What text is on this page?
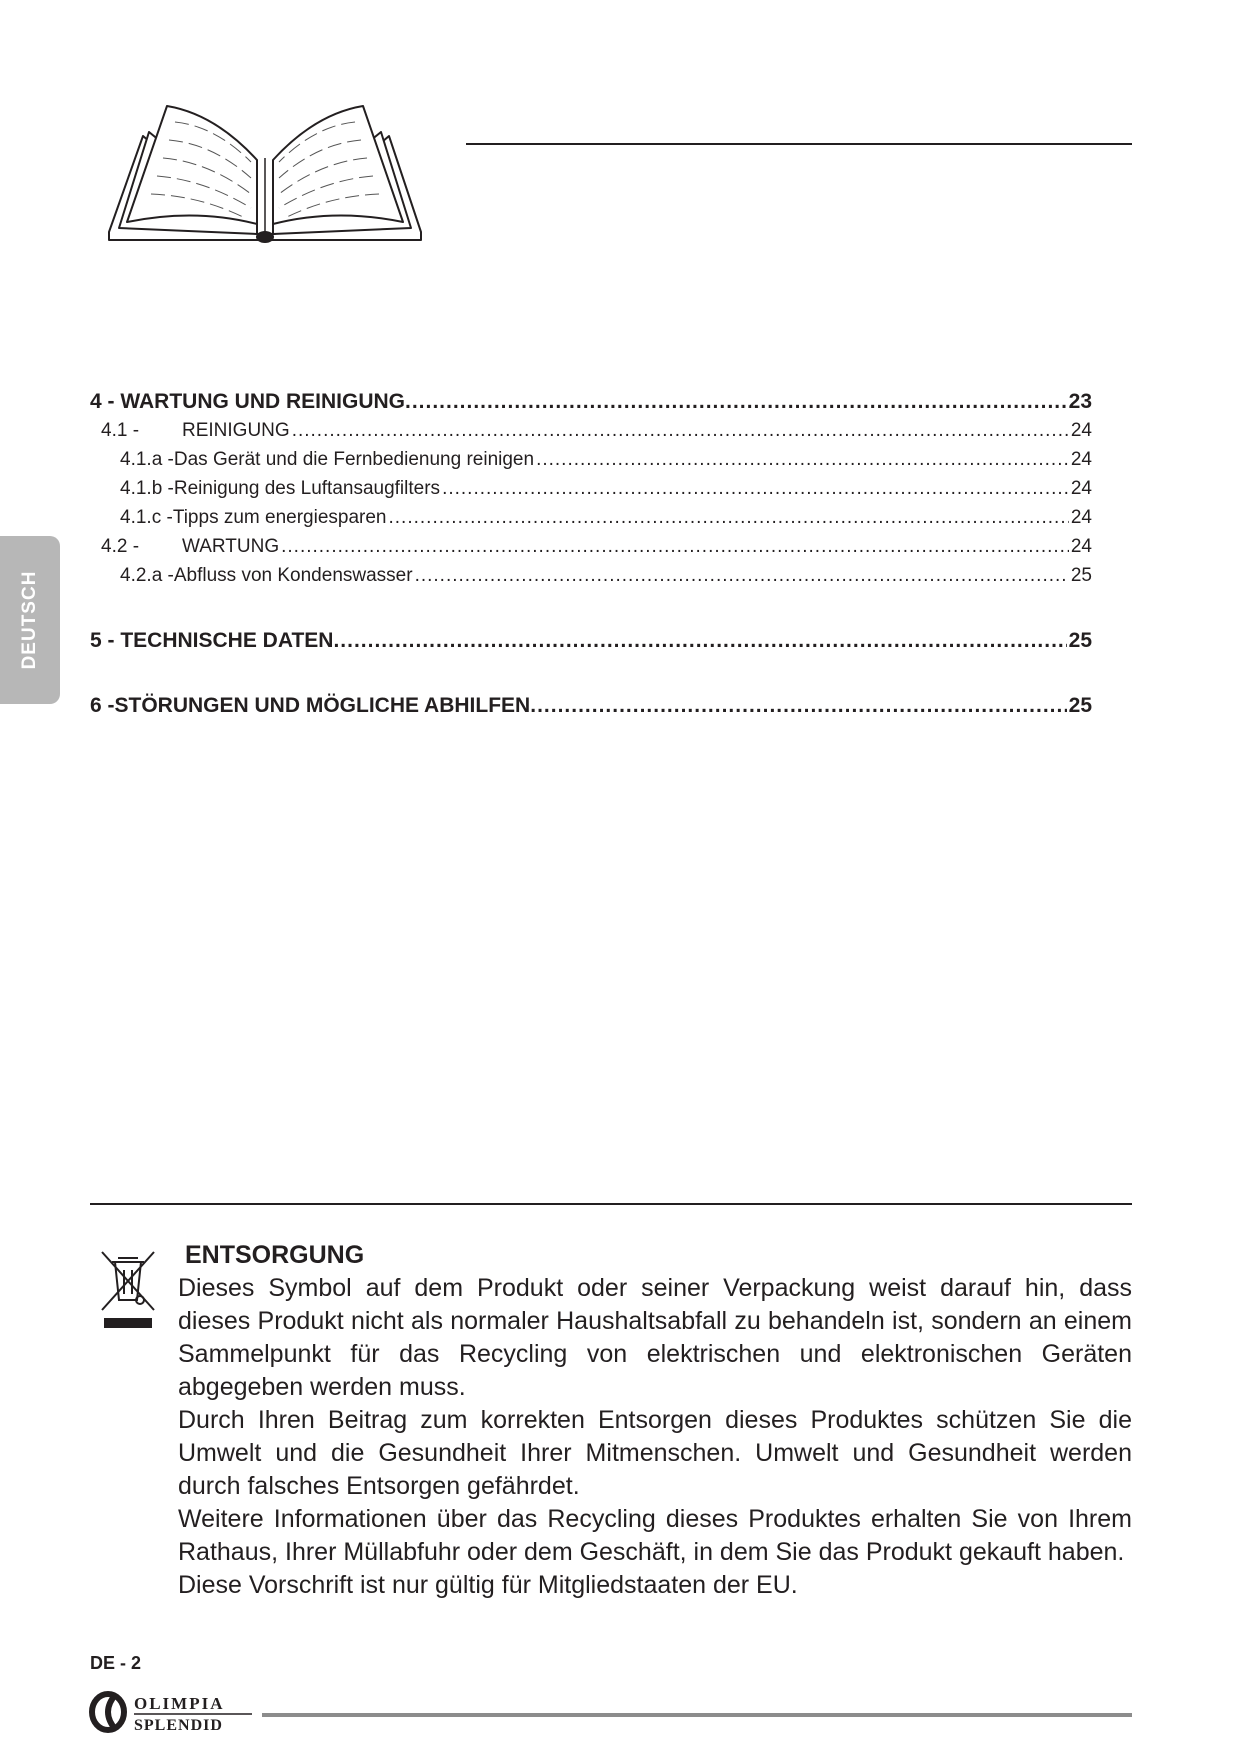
DEUTSCH
4 - WARTUNG UND REINIGUNG .....	23
4.1 -	REINIGUNG .....	24
4.1.a - Das Gerät und die Fernbedienung reinigen .....	24
4.1.b - Reinigung des Luftansaugfilters .....	24
4.1.c - Tipps zum energiesparen .....	24
4.2 -	WARTUNG .....	24
4.2.a - Abfluss von Kondenswasser .....	25
5 - TECHNISCHE DATEN .....	25
6 -STÖRUNGEN UND MÖGLICHE ABHILFEN .....	25
ENTSORGUNG

Dieses Symbol auf dem Produkt oder seiner Verpackung weist darauf hin, dass dieses Produkt nicht als normaler Haushaltsabfall zu behandeln ist, sondern an einem Sammelpunkt für das Recycling von elektrischen und elektronischen Geräten abgegeben werden muss.

Durch Ihren Beitrag zum korrekten Entsorgen dieses Produktes schützen Sie die Umwelt und die Gesundheit Ihrer Mitmenschen. Umwelt und Gesundheit werden durch falsches Entsorgen gefährdet.

Weitere Informationen über das Recycling dieses Produktes erhalten Sie von Ihrem Rathaus, Ihrer Müllabfuhr oder dem Geschäft, in dem Sie das Produkt gekauft haben.

Diese Vorschrift ist nur gültig für Mitgliedstaaten der EU.

DE - 2
OLIMPIA
SPLENDID
